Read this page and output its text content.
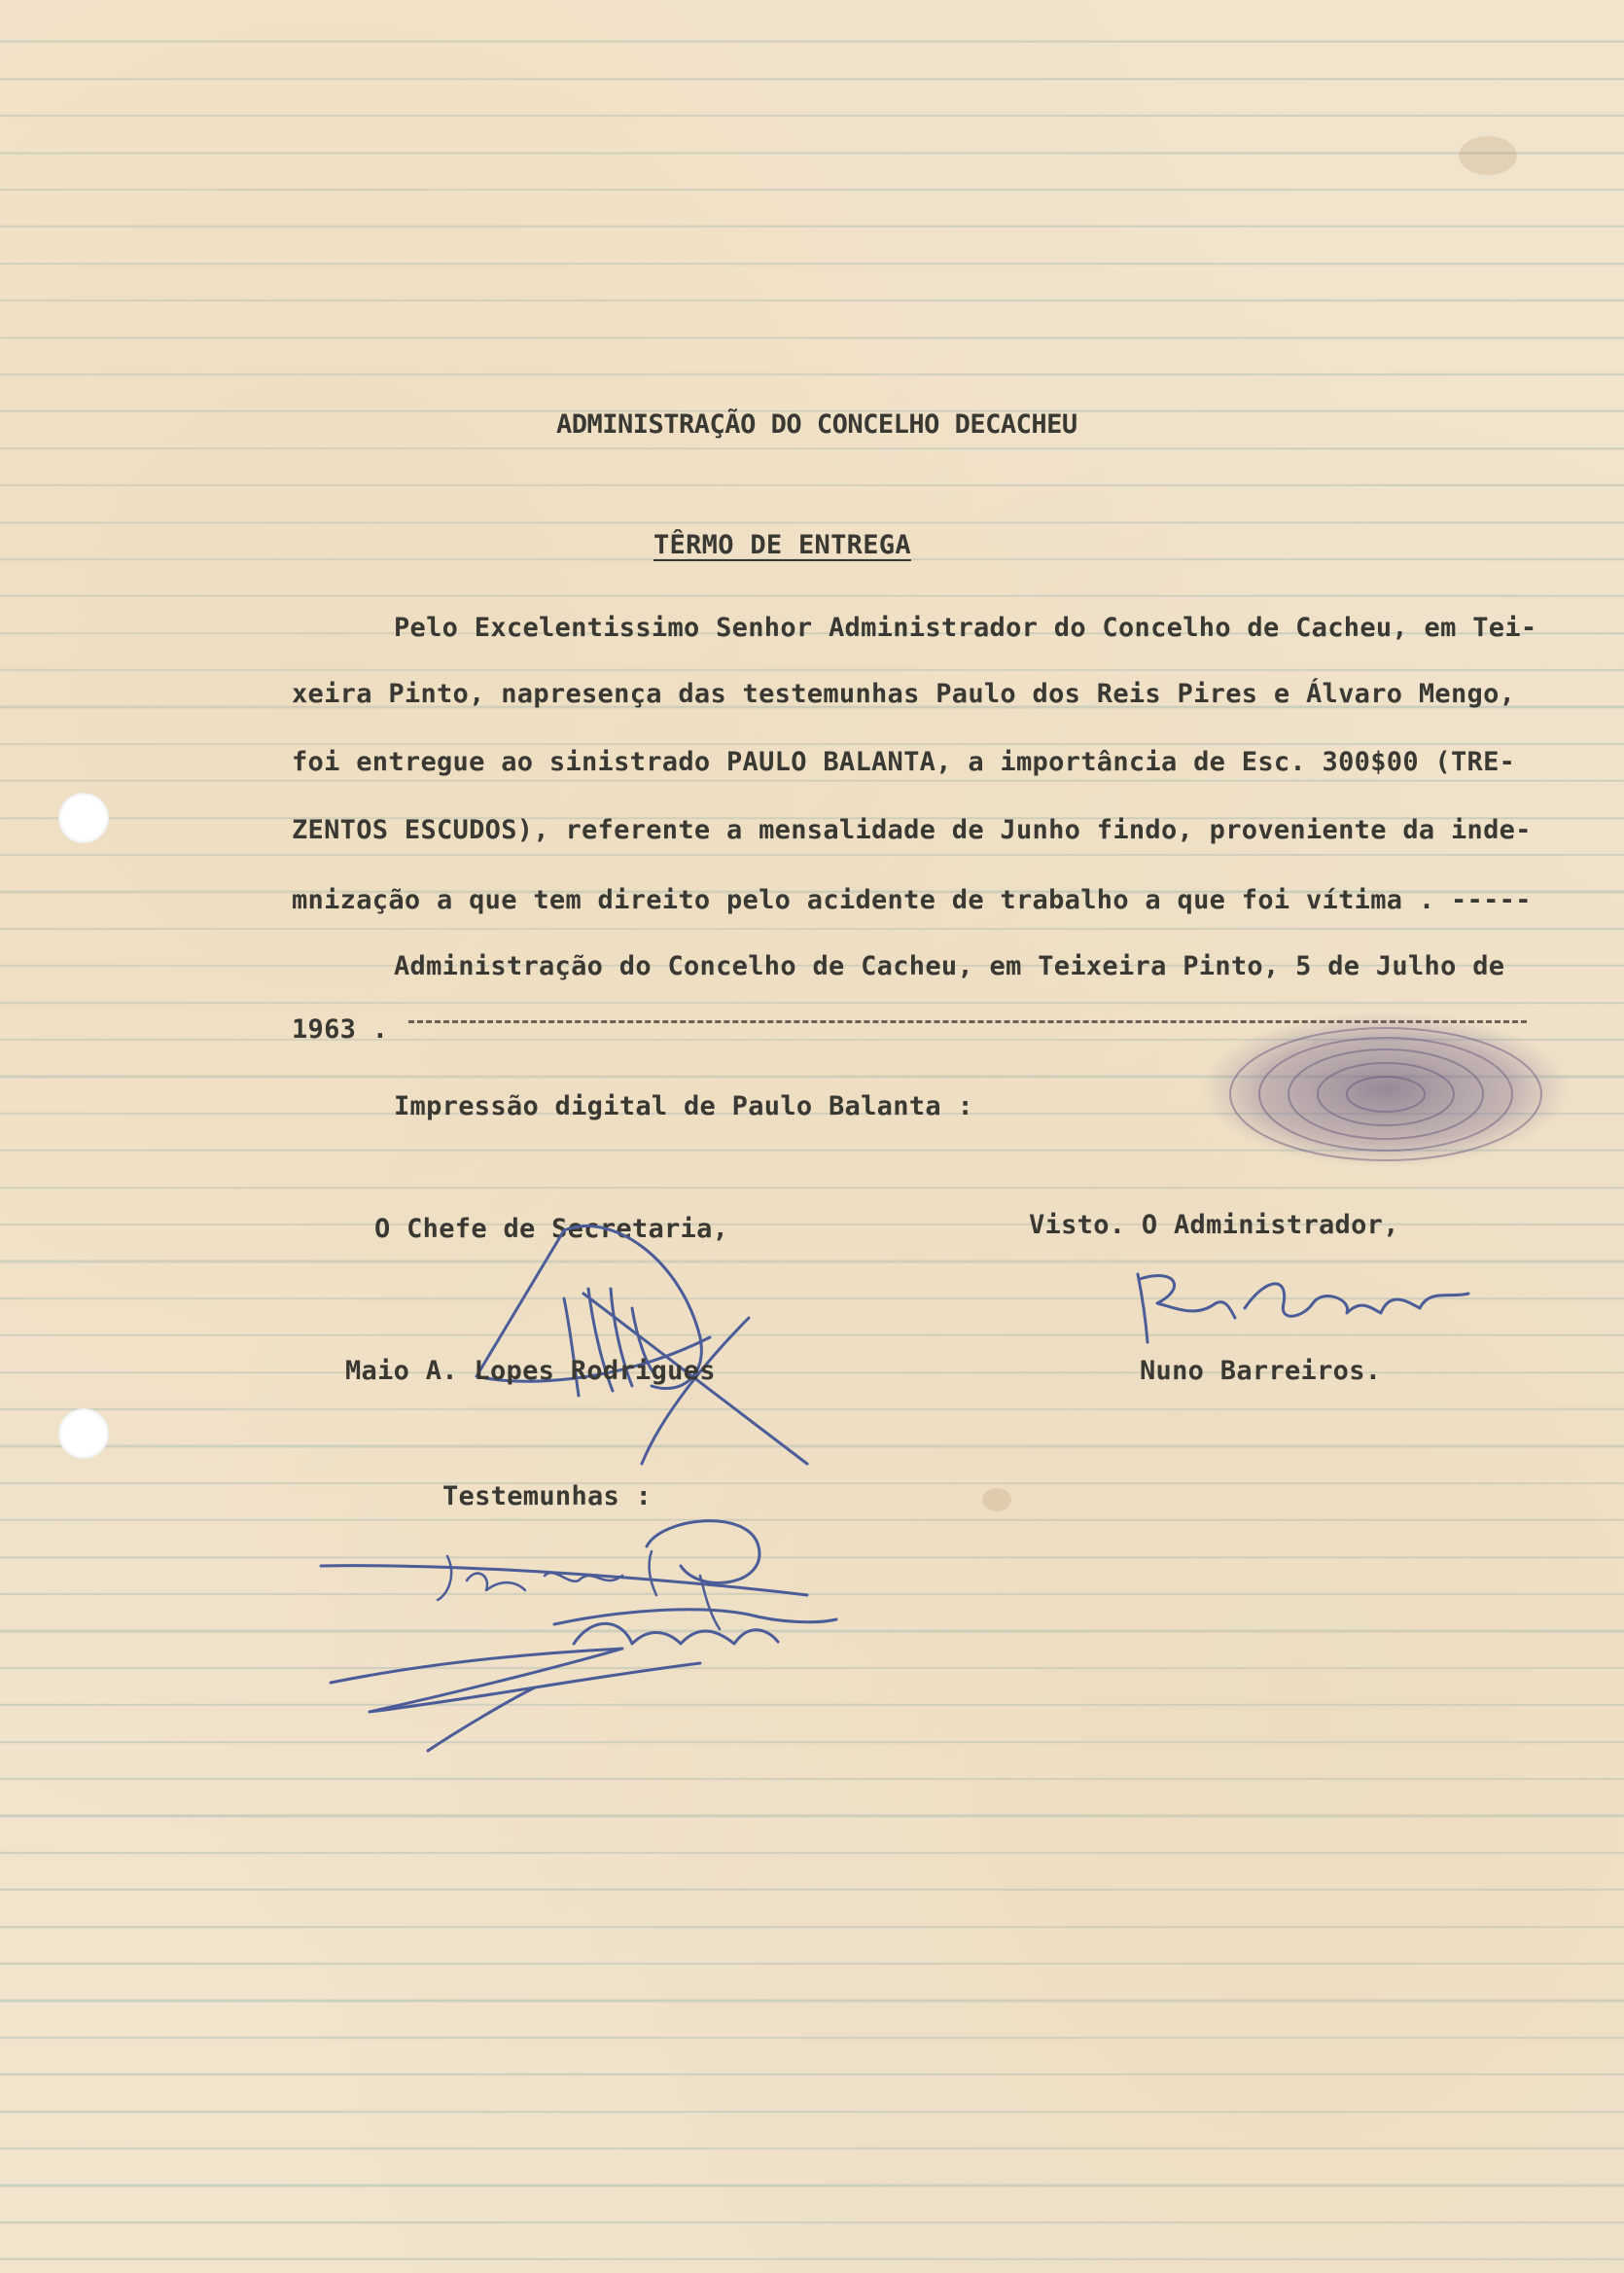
ADMINISTRAÇÃO DO CONCELHO DECACHEU
TÊRMO DE ENTREGA
Pelo Excelentissimo Senhor Administrador do Concelho de Cacheu, em Tei-
xeira Pinto, napresença das testemunhas Paulo dos Reis Pires e Álvaro Mengo,
foi entregue ao sinistrado PAULO BALANTA, a importância de Esc. 300$00 (TRE-
ZENTOS ESCUDOS), referente a mensalidade de Junho findo, proveniente da inde-
mnização a que tem direito pelo acidente de trabalho a que foi vítima . -----
Administração do Concelho de Cacheu, em Teixeira Pinto, 5 de Julho de
1963 .
Impressão digital de Paulo Balanta :
O Chefe de Secretaria,	Visto. O Administrador,
Maio A. Lopes Rodrigues	Nuno Barreiros.
Testemunhas :
